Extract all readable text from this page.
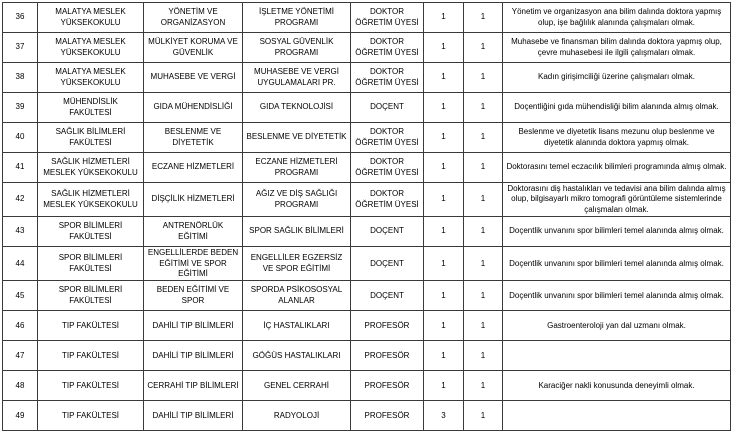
36	MALATYA MESLEK YÜKSEKOKULU	YÖNETİM VE ORGANİZASYON	İŞLETME YÖNETİMİ PROGRAMI	DOKTOR ÖĞRETİM ÜYESİ	1	1	Yönetim ve organizasyon ana bilim dalında doktora yapmış olup, işe bağlılık alanında çalışmaları olmak.
37	MALATYA MESLEK YÜKSEKOKULU	MÜLKİYET KORUMA VE GÜVENLİK	SOSYAL GÜVENLİK PROGRAMI	DOKTOR ÖĞRETİM ÜYESİ	1	1	Muhasebe ve finansman bilim dalında doktora yapmış olup, çevre muhasebesi ile ilgili çalışmaları olmak.
38	MALATYA MESLEK YÜKSEKOKULU	MUHASEBE VE VERGİ	MUHASEBE VE VERGİ UYGULAMALARI PR.	DOKTOR ÖĞRETİM ÜYESİ	1	1	Kadın girişimciliği üzerine çalışmaları olmak.
39	MÜHENDİSLİK FAKÜLTESİ	GIDA MÜHENDİSLİĞİ	GIDA TEKNOLOJİSİ	DOÇENT	1	1	Doçentliğini gıda mühendisliği bilim alanında almış olmak.
40	SAĞLIK BİLİMLERİ FAKÜLTESİ	BESLENME VE DİYETETİK	BESLENME VE DİYETETİK	DOKTOR ÖĞRETİM ÜYESİ	1	1	Beslenme ve diyetetik lisans mezunu olup beslenme ve diyetetik alanında doktora yapmış olmak.
41	SAĞLIK HİZMETLERİ MESLEK YÜKSEKOKULU	ECZANE HİZMETLERİ	ECZANE HİZMETLERİ PROGRAMI	DOKTOR ÖĞRETİM ÜYESİ	1	1	Doktorasını temel eczacılık bilimleri programında almış olmak.
42	SAĞLIK HİZMETLERİ MESLEK YÜKSEKOKULU	DİŞÇİLİK HİZMETLERİ	AĞIZ VE DİŞ SAĞLIĞI PROGRAMI	DOKTOR ÖĞRETİM ÜYESİ	1	1	Doktorasını diş hastalıkları ve tedavisi ana bilim dalında almış olup, bilgisayarlı mikro tomografi görüntüleme sistemlerinde çalışmaları olmak.
43	SPOR BİLİMLERİ FAKÜLTESİ	ANTRENÖRLÜK EĞİTİMİ	SPOR SAĞLIK BİLİMLERİ	DOÇENT	1	1	Doçentlik unvanını spor bilimleri temel alanında almış olmak.
44	SPOR BİLİMLERİ FAKÜLTESİ	ENGELLİLERDE BEDEN EĞİTİMİ VE SPOR EĞİTİMİ	ENGELLİLER EGZERSİZ VE SPOR EĞİTİMİ	DOÇENT	1	1	Doçentlik unvanını spor bilimleri temel alanında almış olmak.
45	SPOR BİLİMLERİ FAKÜLTESİ	BEDEN EĞİTİMİ VE SPOR	SPORDA PSİKOSOSYAL ALANLAR	DOÇENT	1	1	Doçentlik unvanını spor bilimleri temel alanında almış olmak.
46	TIP FAKÜLTESİ	DAHİLİ TIP BİLİMLERİ	İÇ HASTALIKLARI	PROFESÖR	1	1	Gastroenteroloji yan dal uzmanı olmak.
47	TIP FAKÜLTESİ	DAHİLİ TIP BİLİMLERİ	GÖĞÜS HASTALIKLARI	PROFESÖR	1	1	
48	TIP FAKÜLTESİ	CERRAHİ TIP BİLİMLERİ	GENEL CERRAHİ	PROFESÖR	1	1	Karaciğer nakli konusunda deneyimli olmak.
49	TIP FAKÜLTESİ	DAHİLİ TIP BİLİMLERİ	RADYOLOJİ	PROFESÖR	3	1	
